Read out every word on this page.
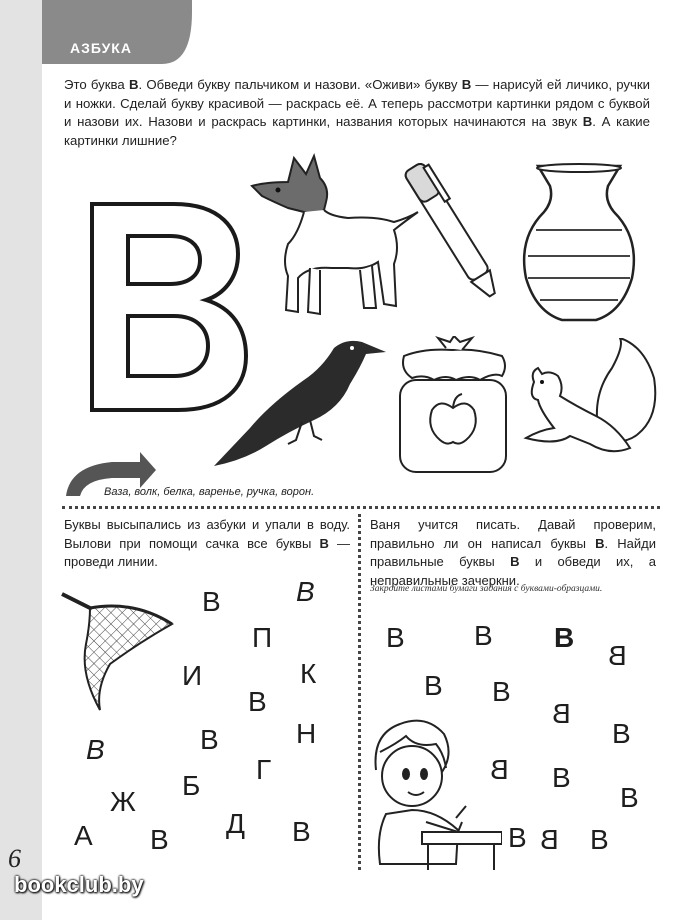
АЗБУКА
Это буква В. Обведи букву пальчиком и назови. «Оживи» букву В — нарисуй ей личико, ручки и ножки. Сделай букву красивой — раскрась её. А теперь рассмотри картинки рядом с буквой и назови их. Назови и раскрась картинки, названия которых начинаются на звук В. А какие картинки лишние?
Ваза, волк, белка, варенье, ручка, ворон.
Буквы высыпались из азбуки и упали в воду. Вылови при помощи сачка все буквы В — проведи линии.
Ваня учится писать. Давай проверим, правильно ли он написал буквы В. Найди правильные буквы В и обведи их, а неправильные зачеркни.
Закройте листами бумаги задания с буквами-образцами.
В	В
П
И	К
В
В	Н
В
Г
Б
Ж
Д
А В	В
В В В
В
В В
В
В
В В
В
В В В
6
bookclub.by
